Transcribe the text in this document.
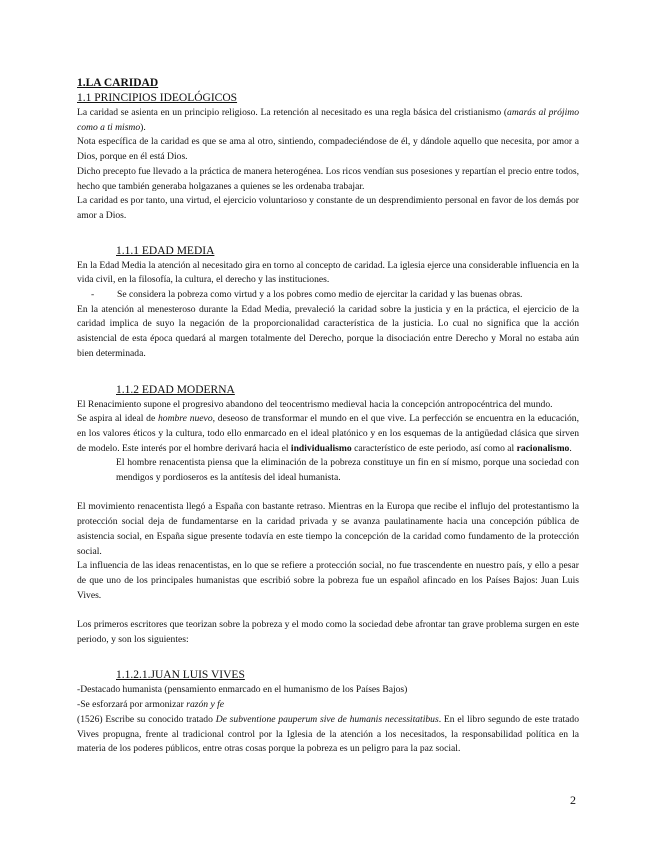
1.LA CARIDAD

1.1 PRINCIPIOS IDEOLÓGICOS

La caridad se asienta en un principio religioso. La retención al necesitado es una regla básica del cristianismo (amarás al prójimo como a ti mismo).

Nota específica de la caridad es que se ama al otro, sintiendo, compadeciéndose de él, y dándole aquello que necesita, por amor a Dios, porque en él está Dios.

Dicho precepto fue llevado a la práctica de manera heterogénea. Los ricos vendían sus posesiones y repartían el precio entre todos, hecho que también generaba holgazanes a quienes se les ordenaba trabajar.

La caridad es por tanto, una virtud, el ejercicio voluntarioso y constante de un desprendimiento personal en favor de los demás por amor a Dios.

1.1.1 EDAD MEDIA

En la Edad Media la atención al necesitado gira en torno al concepto de caridad. La iglesia ejerce una considerable influencia en la vida civil, en la filosofía, la cultura, el derecho y las instituciones.

- Se considera la pobreza como virtud y a los pobres como medio de ejercitar la caridad y las buenas obras.

En la atención al menesteroso durante la Edad Media, prevaleció la caridad sobre la justicia y en la práctica, el ejercicio de la caridad implica de suyo la negación de la proporcionalidad característica de la justicia. Lo cual no significa que la acción asistencial de esta época quedará al margen totalmente del Derecho, porque la disociación entre Derecho y Moral no estaba aún bien determinada.

1.1.2 EDAD MODERNA

El Renacimiento supone el progresivo abandono del teocentrismo medieval hacia la concepción antropocéntrica del mundo.

Se aspira al ideal de hombre nuevo, deseoso de transformar el mundo en el que vive. La perfección se encuentra en la educación, en los valores éticos y la cultura, todo ello enmarcado en el ideal platónico y en los esquemas de la antigüedad clásica que sirven de modelo. Este interés por el hombre derivará hacia el individualismo característico de este periodo, así como al racionalismo.

El hombre renacentista piensa que la eliminación de la pobreza constituye un fin en sí mismo, porque una sociedad con mendigos y pordioseros es la antítesis del ideal humanista.

El movimiento renacentista llegó a España con bastante retraso. Mientras en la Europa que recibe el influjo del protestantismo la protección social deja de fundamentarse en la caridad privada y se avanza paulatinamente hacia una concepción pública de asistencia social, en España sigue presente todavía en este tiempo la concepción de la caridad como fundamento de la protección social.

La influencia de las ideas renacentistas, en lo que se refiere a protección social, no fue trascendente en nuestro país, y ello a pesar de que uno de los principales humanistas que escribió sobre la pobreza fue un español afincado en los Países Bajos: Juan Luis Vives.

Los primeros escritores que teorizan sobre la pobreza y el modo como la sociedad debe afrontar tan grave problema surgen en este periodo, y son los siguientes:

1.1.2.1.JUAN LUIS VIVES

-Destacado humanista (pensamiento enmarcado en el humanismo de los Países Bajos)

-Se esforzará por armonizar razón y fe

(1526) Escribe su conocido tratado De subventione pauperum sive de humanis necessitatibus. En el libro segundo de este tratado Vives propugna, frente al tradicional control por la Iglesia de la atención a los necesitados, la responsabilidad política en la materia de los poderes públicos, entre otras cosas porque la pobreza es un peligro para la paz social.

2
